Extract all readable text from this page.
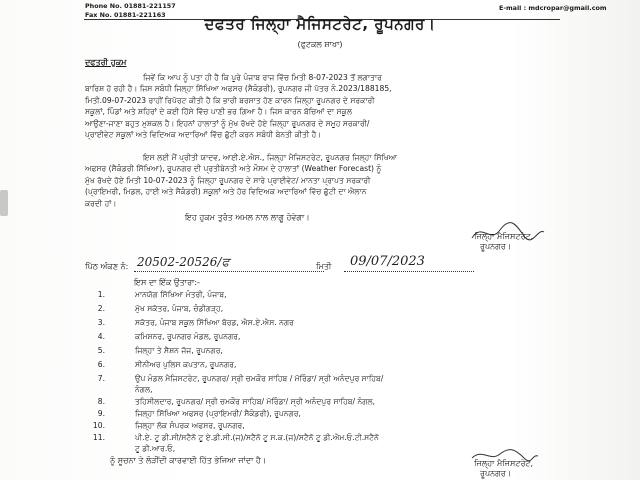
Phone No. 01881-221157
Fax No. 01881-221163
E-mail : mdcropar@gmail.com
ਦਫਤਰ ਜਿਲ੍ਹਾ ਮੈਜਿਸਟਰੇਟ, ਰੂਪਨਗਰ।
(ਫੁਟਕਲ ਸ਼ਾਖਾ)
ਦਫਤਰੀ ਹੁਕਮ

ਜਿਵੇਂ ਕਿ ਆਪ ਨੂੰ ਪਤਾ ਹੀ ਹੈ ਕਿ ਪੂਰੇ ਪੰਜਾਬ ਰਾਜ ਵਿੱਚ ਮਿਤੀ 8-07-2023 ਤੋਂ ਲਗਾਤਾਰ

ਬਾਰਿਸ਼ ਹੋ ਰਹੀ ਹੈ। ਜਿਸ ਸਬੰਧੀ ਜਿਲ੍ਹਾ ਸਿੱਖਿਆ ਅਫਸਰ (ਸੈਕੰਡਰੀ), ਰੂਪਨਗਰ ਜੀ ਪੱਤਰ ਨੰ.2023/188185,

ਮਿਤੀ.09-07-2023 ਰਾਹੀਂ ਰਿਪੋਰਟ ਕੀਤੀ ਹੈ ਕਿ ਭਾਰੀ ਬਰਸਾਤ ਹੋਣ ਕਾਰਨ ਜਿਲ੍ਹਾ ਰੂਪਨਗਰ ਦੇ ਸਰਕਾਰੀ

ਸਕੂਲਾਂ, ਪਿੰਡਾਂ ਅਤੇ ਸ਼ਹਿਰਾਂ ਦੇ ਕਈ ਹਿੱਸੇ ਵਿੱਚ ਪਾਣੀ ਭਰ ਗਿਆ ਹੈ। ਜਿਸ ਕਾਰਨ ਬੱਚਿਆਂ ਦਾ ਸਕੂਲ

ਆਉਣਾ-ਜਾਣਾ ਬਹੁਤ ਮੁਸ਼ਕਲ ਹੈ। ਇਹਨਾਂ ਹਾਲਾਤਾਂ ਨੂੰ ਮੁੱਖ ਰੱਖਦੇ ਹੋਏ ਜਿਲ੍ਹਾ ਰੂਪਨਗਰ ਦੇ ਸਮੂਹ ਸਰਕਾਰੀ/

ਪ੍ਰਾਈਵੇਟ ਸਕੂਲਾਂ ਅਤੇ ਵਿਦਿਅਕ ਅਦਾਰਿਆਂ ਵਿੱਚ ਛੁੱਟੀ ਕਰਨ ਸਬੰਧੀ ਬੇਨਤੀ ਕੀਤੀ ਹੈ।

ਇਸ ਲਈ ਮੈਂ ਪ੍ਰੀਤੀ ਯਾਦਵ, ਆਈ.ਏ.ਐਸ., ਜਿਲ੍ਹਾ ਮੈਜਿਸਟਰੇਟ, ਰੂਪਨਗਰ ਜਿਲ੍ਹਾ ਸਿੱਖਿਆ

ਅਫਸਰ (ਸੈਕੰਡਰੀ ਸਿੱਖਿਆ), ਰੂਪਨਗਰ ਦੀ ਪ੍ਰਤੀਬੇਨਤੀ ਅਤੇ ਮੌਸਮ ਦੇ ਹਾਲਾਤਾਂ (Weather Forecast) ਨੂੰ

ਮੁੱਖ ਰੱਖਦੇ ਹੋਏ ਮਿਤੀ 10-07-2023 ਨੂੰ ਜਿਲ੍ਹਾ ਰੂਪਨਗਰ ਦੇ ਸਾਰੇ ਪ੍ਰਾਈਵੇਟ/ ਮਾਨਤਾ ਪ੍ਰਾਪਤ ਸਰਕਾਰੀ

(ਪ੍ਰਾਇਮਰੀ, ਮਿਡਲ, ਹਾਈ ਅਤੇ ਸੈਕੰਡਰੀ) ਸਕੂਲਾਂ ਅਤੇ ਹੋਰ ਵਿਦਿਅਕ ਅਦਾਰਿਆਂ ਵਿੱਚ ਛੁੱਟੀ ਦਾ ਐਲਾਨ

ਕਰਦੀ ਹਾਂ।

ਇਹ ਹੁਕਮ ਤੁਰੰਤ ਅਮਲ ਨਾਲ ਲਾਗੂ ਹੋਵੇਗਾ।
ਜਿਲ੍ਹਾ ਮੈਜਿਸਟਰੇਟ,
ਰੂਪਨਗਰ।
ਪਿੱਠ ਅੰਕਣ ਨੰ: 20502-20526/ਫ	ਮਿਤੀ 09/07/2023
ਇਸ ਦਾ ਇੱਕ ਉਤਾਰਾ:-
1.	ਮਾਨਯੋਗ ਸਿੱਖਿਆ ਮੰਤਰੀ, ਪੰਜਾਬ,
2.	ਮੁੱਖ ਸਕੱਤਰ, ਪੰਜਾਬ, ਚੰਡੀਗੜ੍ਹ,
3.	ਸਕੱਤਰ, ਪੰਜਾਬ ਸਕੂਲ ਸਿੱਖਿਆ ਬੋਰਡ, ਐਸ.ਏ.ਐਸ. ਨਗਰ
4.	ਕਮਿਸ਼ਨਰ, ਰੂਪਨਗਰ ਮੰਡਲ, ਰੂਪਨਗਰ,
5.	ਜਿਲ੍ਹਾ ਤੇ ਸੈਸ਼ਨ ਜੱਜ, ਰੂਪਨਗਰ,
6.	ਸੀਨੀਅਰ ਪੁਲਿਸ ਕਪਤਾਨ, ਰੂਪਨਗਰ,
7.	ਉਪ ਮੰਡਲ ਮੈਜਿਸਟਰੇਟ, ਰੂਪਨਗਰ/ ਸ੍ਰੀ ਚਮਕੌਰ ਸਾਹਿਬ / ਮੋਰਿੰਡਾ/ ਸ੍ਰੀ ਅਨੰਦਪੁਰ ਸਾਹਿਬ/
ਨੰਗਲ,
8.	ਤਹਿਸੀਲਦਾਰ, ਰੂਪਨਗਰ/ ਸ੍ਰੀ ਚਮਕੌਰ ਸਾਹਿਬ/ ਮੋਰਿੰਡਾ/ ਸ੍ਰੀ ਅਨੰਦਪੁਰ ਸਾਹਿਬ/ ਨੰਗਲ,
9.	ਜਿਲ੍ਹਾ ਸਿੱਖਿਆ ਅਫਸਰ (ਪ੍ਰਾਇਮਰੀ/ ਸੈਕੰਡਰੀ), ਰੂਪਨਗਰ,
10.	ਜਿਲ੍ਹਾ ਲੋਕ ਸੰਪਰਕ ਅਫਸਰ, ਰੂਪਨਗਰ,
11.	ਪੀ.ਏ. ਟੂ ਡੀ.ਸੀ/ਸਟੈਨੋ ਟੂ ਏ.ਡੀ.ਸੀ.(ਜ)/ਸਟੈਨੋ ਟੂ ਸ.ਕ.(ਜ)/ਸਟੈਨੋ ਟੂ ਡੀ.ਐਮ.ਓ.ਟੀ.ਸਟੈਨੋ
ਟੂ ਡੀ.ਆਰ.ਓ,
ਨੂੰ ਸੂਚਨਾ ਤੇ ਲੋੜੀਂਦੀ ਕਾਰਵਾਈ ਹਿੱਤ ਭੇਜਿਆ ਜਾਂਦਾ ਹੈ।	ਜਿਲ੍ਹਾ ਮੈਜਿਸਟਰੇਟ,
ਰੂਪਨਗਰ।
